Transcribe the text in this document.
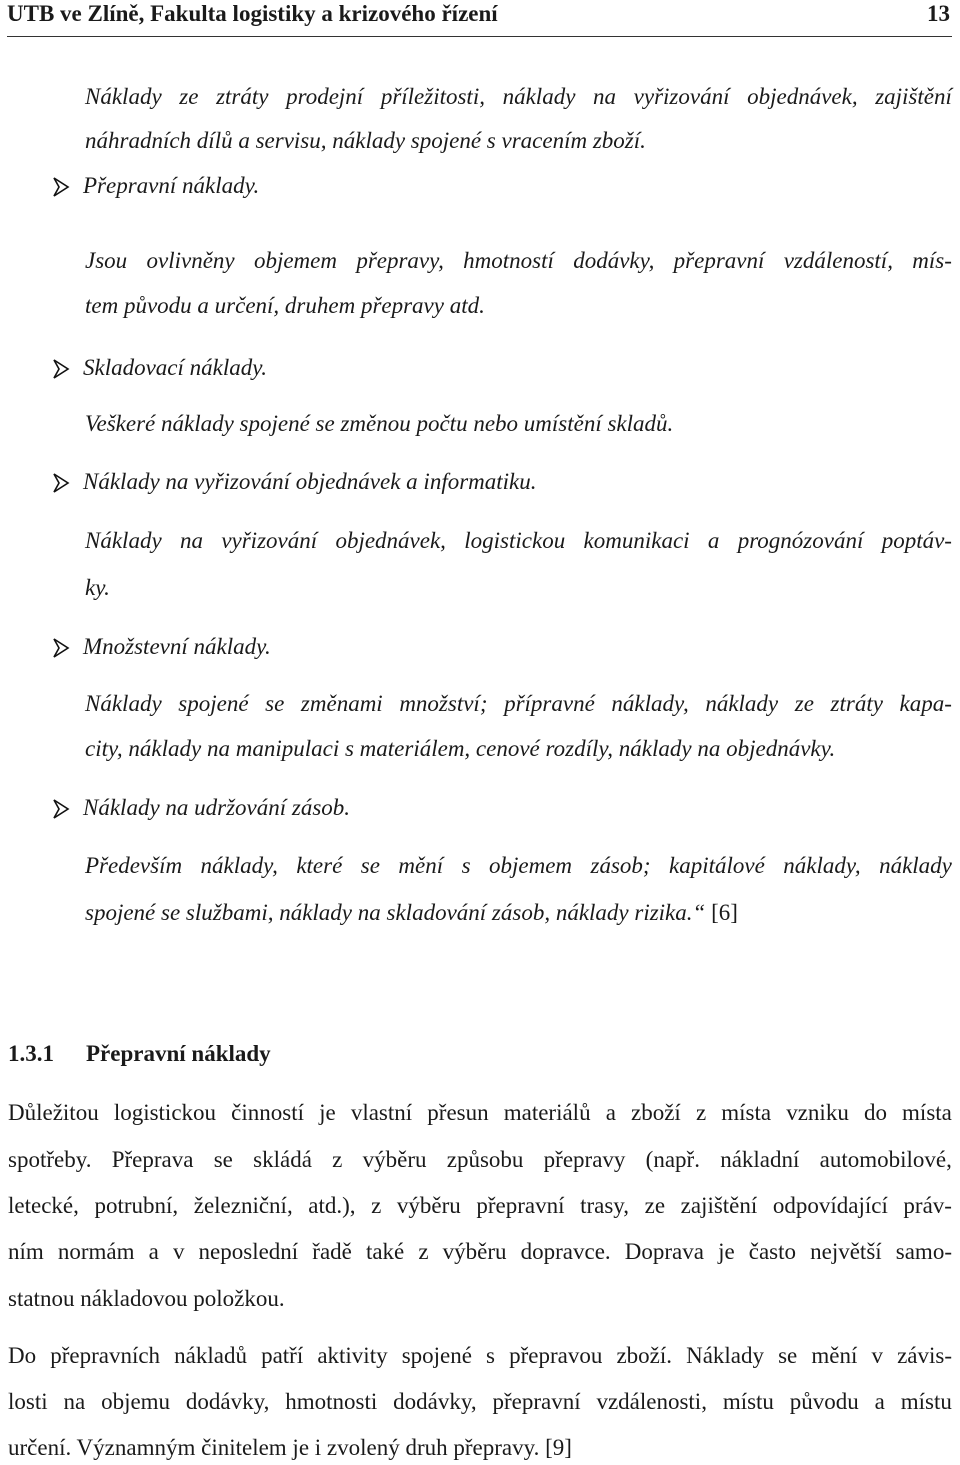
UTB ve Zlíně, Fakulta logistiky a krizového řízení	13
Náklady ze ztráty prodejní příležitosti, náklady na vyřizování objednávek, zajištění
náhradních dílů a servisu, náklady spojené s vracením zboží.
Přepravní náklady.
Jsou ovlivněny objemem přepravy, hmotností dodávky, přepravní vzdáleností, mís-
tem původu a určení, druhem přepravy atd.
Skladovací náklady.
Veškeré náklady spojené se změnou počtu nebo umístění skladů.
Náklady na vyřizování objednávek a informatiku.
Náklady na vyřizování objednávek, logistickou komunikaci a prognózování poptáv-
ky.
Množstevní náklady.
Náklady spojené se změnami množství; přípravné náklady, náklady ze ztráty kapa-
city, náklady na manipulaci s materiálem, cenové rozdíly, náklady na objednávky.
Náklady na udržování zásob.
Především náklady, které se mění s objemem zásob; kapitálové náklady, náklady
spojené se službami, náklady na skladování zásob, náklady rizika.“ [6]
1.3.1 Přepravní náklady
Důležitou logistickou činností je vlastní přesun materiálů a zboží z místa vzniku do místa
spotřeby. Přeprava se skládá z výběru způsobu přepravy (např. nákladní automobilové,
letecké, potrubní, železniční, atd.), z výběru přepravní trasy, ze zajištění odpovídající práv-
ním normám a v neposlední řadě také z výběru dopravce. Doprava je často největší samo-
statnou nákladovou položkou.
Do přepravních nákladů patří aktivity spojené s přepravou zboží. Náklady se mění v závis-
losti na objemu dodávky, hmotnosti dodávky, přepravní vzdálenosti, místu původu a místu
určení. Významným činitelem je i zvolený druh přepravy. [9]
